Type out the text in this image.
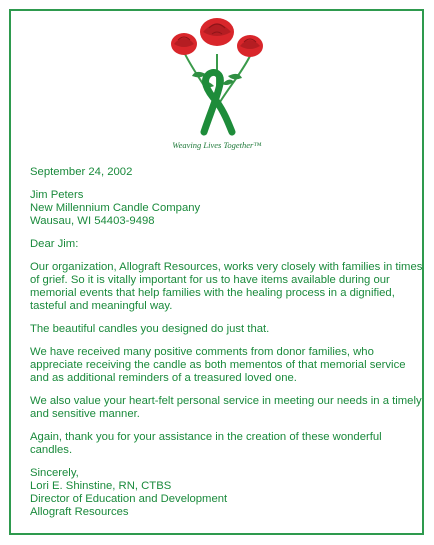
Weaving Lives Together™

September 24, 2002

Jim Peters
New Millennium Candle Company
Wausau, WI 54403-9498

Dear Jim:

Our organization, Allograft Resources, works very closely with families in times of grief. So it is vitally important for us to have items available during our memorial events that help families with the healing process in a dignified, tasteful and meaningful way.

The beautiful candles you designed do just that.

We have received many positive comments from donor families, who appreciate receiving the candle as both mementos of that memorial service and as additional reminders of a treasured loved one.

We also value your heart-felt personal service in meeting our needs in a timely and sensitive manner.

Again, thank you for your assistance in the creation of these wonderful candles.

Sincerely,
Lori E. Shinstine, RN, CTBS
Director of Education and Development
Allograft Resources
